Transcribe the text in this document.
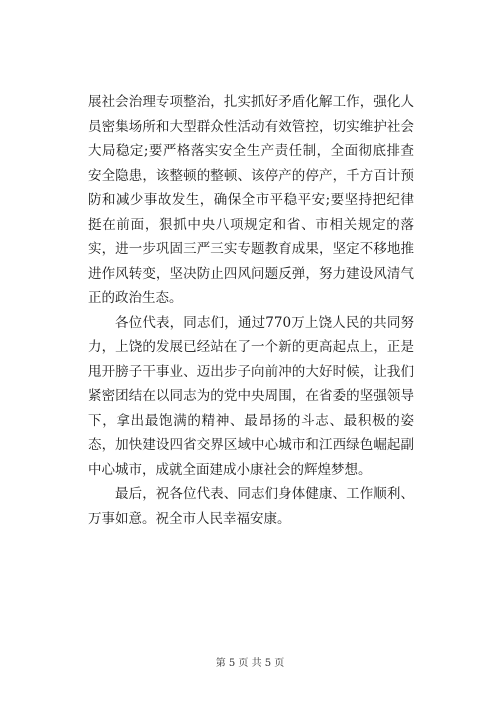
展社会治理专项整治，扎实抓好矛盾化解工作，强化人员密集场所和大型群众性活动有效管控，切实维护社会大局稳定;要严格落实安全生产责任制，全面彻底排查安全隐患，该整顿的整顿、该停产的停产，千方百计预防和减少事故发生，确保全市平稳平安;要坚持把纪律挺在前面，狠抓中央八项规定和省、市相关规定的落实，进一步巩固三严三实专题教育成果，坚定不移地推进作风转变，坚决防止四风问题反弹，努力建设风清气正的政治生态。

各位代表，同志们，通过770万上饶人民的共同努力，上饶的发展已经站在了一个新的更高起点上，正是甩开膀子干事业、迈出步子向前冲的大好时候，让我们紧密团结在以同志为的党中央周围，在省委的坚强领导下，拿出最饱满的精神、最昂扬的斗志、最积极的姿态，加快建设四省交界区域中心城市和江西绿色崛起副中心城市，成就全面建成小康社会的辉煌梦想。

最后，祝各位代表、同志们身体健康、工作顺利、万事如意。祝全市人民幸福安康。

第 5 页 共 5 页
